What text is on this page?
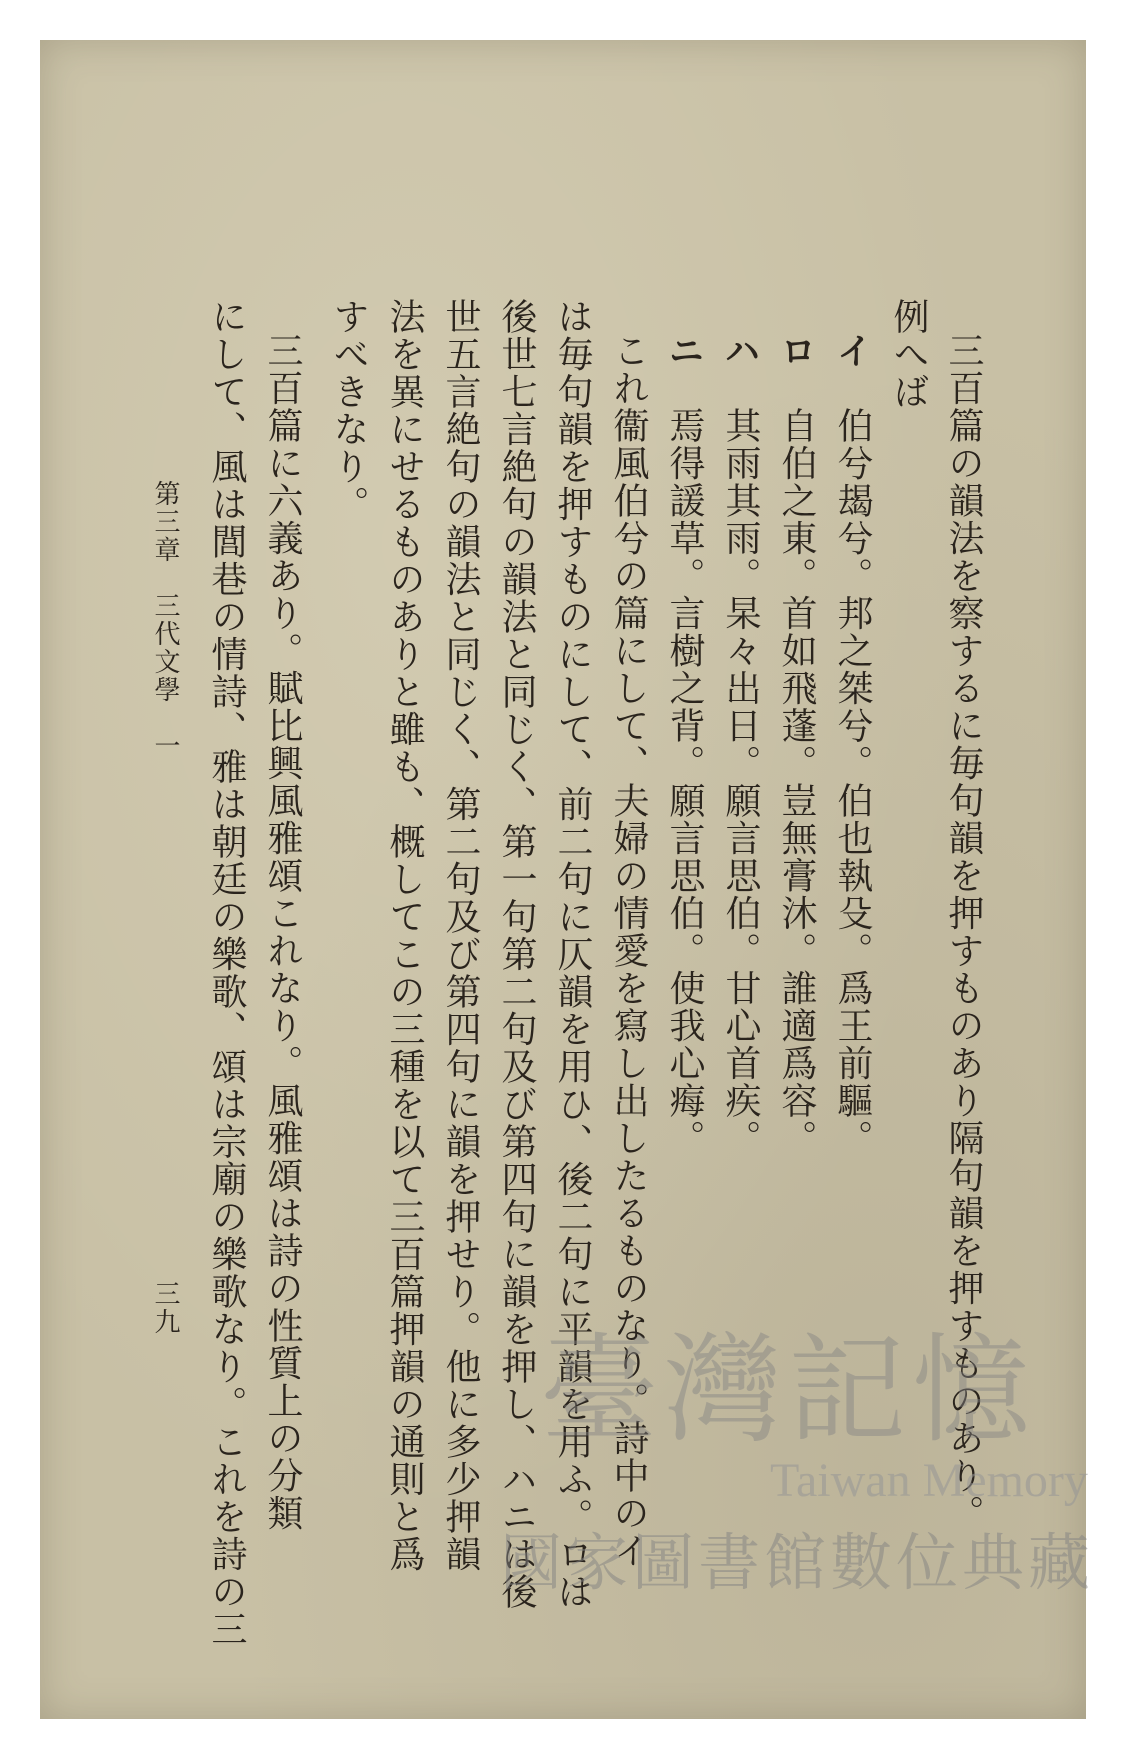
三百篇の韻法を察するに毎句韻を押すものあり隔句韻を押すものあり。
例へば
イ　伯兮朅兮。邦之桀兮。伯也執殳。爲王前驅。
ロ　自伯之東。首如飛蓬。豈無膏沐。誰適爲容。
ハ　其雨其雨。杲々出日。願言思伯。甘心首疾。
ニ　焉得諼草。言樹之背。願言思伯。使我心痗。
これ衞風伯兮の篇にして、夫婦の情愛を寫し出したるものなり。詩中のイ
は毎句韻を押すものにして、前二句に仄韻を用ひ、後二句に平韻を用ふ。ロは
後世七言絶句の韻法と同じく、第一句第二句及び第四句に韻を押し、ハニは後
世五言絶句の韻法と同じく、第二句及び第四句に韻を押せり。他に多少押韻
法を異にせるものありと雖も、概してこの三種を以て三百篇押韻の通則と爲
すべきなり。
三百篇に六義あり。賦比興風雅頌これなり。風雅頌は詩の性質上の分類
にして、風は閭巷の情詩、雅は朝廷の樂歌、頌は宗廟の樂歌なり。これを詩の三
第三章　三代文學　一
三九
臺灣記憶
Taiwan Memory
國家圖書館數位典藏
